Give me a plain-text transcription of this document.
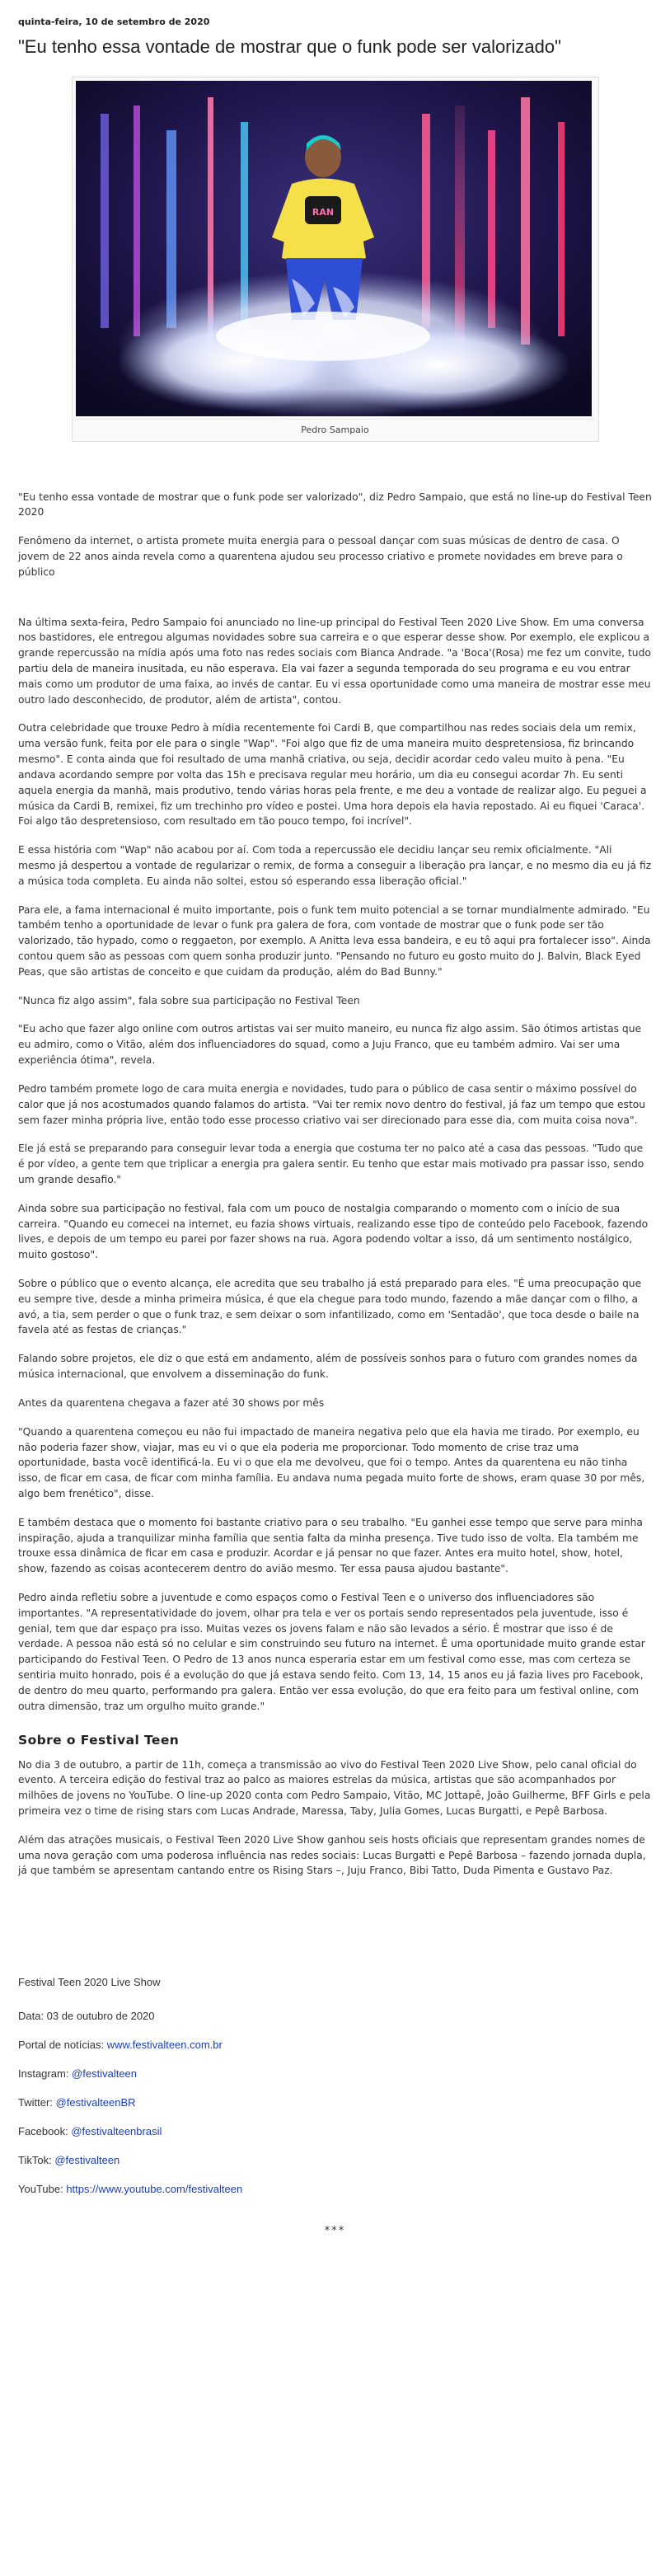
quinta-feira, 10 de setembro de 2020
"Eu tenho essa vontade de mostrar que o funk pode ser valorizado"
RAN
Pedro Sampaio

"Eu tenho essa vontade de mostrar que o funk pode ser valorizado", diz Pedro Sampaio, que está no line-up do Festival Teen 2020

Fenômeno da internet, o artista promete muita energia para o pessoal dançar com suas músicas de dentro de casa. O jovem de 22 anos ainda revela como a quarentena ajudou seu processo criativo e promete novidades em breve para o público

Na última sexta-feira, Pedro Sampaio foi anunciado no line-up principal do Festival Teen 2020 Live Show. Em uma conversa nos bastidores, ele entregou algumas novidades sobre sua carreira e o que esperar desse show. Por exemplo, ele explicou a grande repercussão na mídia após uma foto nas redes sociais com Bianca Andrade. "a 'Boca'(Rosa) me fez um convite, tudo partiu dela de maneira inusitada, eu não esperava. Ela vai fazer a segunda temporada do seu programa e eu vou entrar mais como um produtor de uma faixa, ao invés de cantar. Eu vi essa oportunidade como uma maneira de mostrar esse meu outro lado desconhecido, de produtor, além de artista", contou.

Outra celebridade que trouxe Pedro à mídia recentemente foi Cardi B, que compartilhou nas redes sociais dela um remix, uma versão funk, feita por ele para o single "Wap". "Foi algo que fiz de uma maneira muito despretensiosa, fiz brincando mesmo". E conta ainda que foi resultado de uma manhã criativa, ou seja, decidir acordar cedo valeu muito à pena. "Eu andava acordando sempre por volta das 15h e precisava regular meu horário, um dia eu consegui acordar 7h. Eu senti aquela energia da manhã, mais produtivo, tendo várias horas pela frente, e me deu a vontade de realizar algo. Eu peguei a música da Cardi B, remixei, fiz um trechinho pro vídeo e postei. Uma hora depois ela havia repostado. Ai eu fiquei 'Caraca'. Foi algo tão despretensioso, com resultado em tão pouco tempo, foi incrível".

E essa história com "Wap" não acabou por aí. Com toda a repercussão ele decidiu lançar seu remix oficialmente. "Ali mesmo já despertou a vontade de regularizar o remix, de forma a conseguir a liberação pra lançar, e no mesmo dia eu já fiz a música toda completa. Eu ainda não soltei, estou só esperando essa liberação oficial."

Para ele, a fama internacional é muito importante, pois o funk tem muito potencial a se tornar mundialmente admirado. "Eu também tenho a oportunidade de levar o funk pra galera de fora, com vontade de mostrar que o funk pode ser tão valorizado, tão hypado, como o reggaeton, por exemplo. A Anitta leva essa bandeira, e eu tô aqui pra fortalecer isso". Ainda contou quem são as pessoas com quem sonha produzir junto. "Pensando no futuro eu gosto muito do J. Balvin, Black Eyed Peas, que são artistas de conceito e que cuidam da produção, além do Bad Bunny."

"Nunca fiz algo assim", fala sobre sua participação no Festival Teen

"Eu acho que fazer algo online com outros artistas vai ser muito maneiro, eu nunca fiz algo assim. São ótimos artistas que eu admiro, como o Vitão, além dos influenciadores do squad, como a Juju Franco, que eu também admiro. Vai ser uma experiência ótima", revela.

Pedro também promete logo de cara muita energia e novidades, tudo para o público de casa sentir o máximo possível do calor que já nos acostumados quando falamos do artista. "Vai ter remix novo dentro do festival, já faz um tempo que estou sem fazer minha própria live, então todo esse processo criativo vai ser direcionado para esse dia, com muita coisa nova".

Ele já está se preparando para conseguir levar toda a energia que costuma ter no palco até a casa das pessoas. "Tudo que é por vídeo, a gente tem que triplicar a energia pra galera sentir. Eu tenho que estar mais motivado pra passar isso, sendo um grande desafio."

Ainda sobre sua participação no festival, fala com um pouco de nostalgia comparando o momento com o início de sua carreira. "Quando eu comecei na internet, eu fazia shows virtuais, realizando esse tipo de conteúdo pelo Facebook, fazendo lives, e depois de um tempo eu parei por fazer shows na rua. Agora podendo voltar a isso, dá um sentimento nostálgico, muito gostoso".

Sobre o público que o evento alcança, ele acredita que seu trabalho já está preparado para eles. "É uma preocupação que eu sempre tive, desde a minha primeira música, é que ela chegue para todo mundo, fazendo a mãe dançar com o filho, a avó, a tia, sem perder o que o funk traz, e sem deixar o som infantilizado, como em 'Sentadão', que toca desde o baile na favela até as festas de crianças."

Falando sobre projetos, ele diz o que está em andamento, além de possíveis sonhos para o futuro com grandes nomes da música internacional, que envolvem a disseminação do funk.

Antes da quarentena chegava a fazer até 30 shows por mês

"Quando a quarentena começou eu não fui impactado de maneira negativa pelo que ela havia me tirado. Por exemplo, eu não poderia fazer show, viajar, mas eu vi o que ela poderia me proporcionar. Todo momento de crise traz uma oportunidade, basta você identificá-la. Eu vi o que ela me devolveu, que foi o tempo. Antes da quarentena eu não tinha isso, de ficar em casa, de ficar com minha família. Eu andava numa pegada muito forte de shows, eram quase 30 por mês, algo bem frenético", disse.

E também destaca que o momento foi bastante criativo para o seu trabalho. "Eu ganhei esse tempo que serve para minha inspiração, ajuda a tranquilizar minha família que sentia falta da minha presença. Tive tudo isso de volta. Ela também me trouxe essa dinâmica de ficar em casa e produzir. Acordar e já pensar no que fazer. Antes era muito hotel, show, hotel, show, fazendo as coisas acontecerem dentro do avião mesmo. Ter essa pausa ajudou bastante".

Pedro ainda refletiu sobre a juventude e como espaços como o Festival Teen e o universo dos influenciadores são importantes. "A representatividade do jovem, olhar pra tela e ver os portais sendo representados pela juventude, isso é genial, tem que dar espaço pra isso. Muitas vezes os jovens falam e não são levados a sério. É mostrar que isso é de verdade. A pessoa não está só no celular e sim construindo seu futuro na internet. É uma oportunidade muito grande estar participando do Festival Teen. O Pedro de 13 anos nunca esperaria estar em um festival como esse, mas com certeza se sentiria muito honrado, pois é a evolução do que já estava sendo feito. Com 13, 14, 15 anos eu já fazia lives pro Facebook, de dentro do meu quarto, performando pra galera. Então ver essa evolução, do que era feito para um festival online, com outra dimensão, traz um orgulho muito grande."

Sobre o Festival Teen

No dia 3 de outubro, a partir de 11h, começa a transmissão ao vivo do Festival Teen 2020 Live Show, pelo canal oficial do evento. A terceira edição do festival traz ao palco as maiores estrelas da música, artistas que são acompanhados por milhões de jovens no YouTube. O line-up 2020 conta com Pedro Sampaio, Vitão, MC Jottapê, João Guilherme, BFF Girls e pela primeira vez o time de rising stars com Lucas Andrade, Maressa, Taby, Julia Gomes, Lucas Burgatti, e Pepê Barbosa.

Além das atrações musicais, o Festival Teen 2020 Live Show ganhou seis hosts oficiais que representam grandes nomes de uma nova geração com uma poderosa influência nas redes sociais: Lucas Burgatti e Pepê Barbosa – fazendo jornada dupla, já que também se apresentam cantando entre os Rising Stars –, Juju Franco, Bibi Tatto, Duda Pimenta e Gustavo Paz.

Festival Teen 2020 Live Show

Data: 03 de outubro de 2020

Portal de notícias: www.festivalteen.com.br

Instagram: @festivalteen

Twitter: @festivalteenBR

Facebook: @festivalteenbrasil

TikTok: @festivalteen

YouTube: https://www.youtube.com/festivalteen

***
